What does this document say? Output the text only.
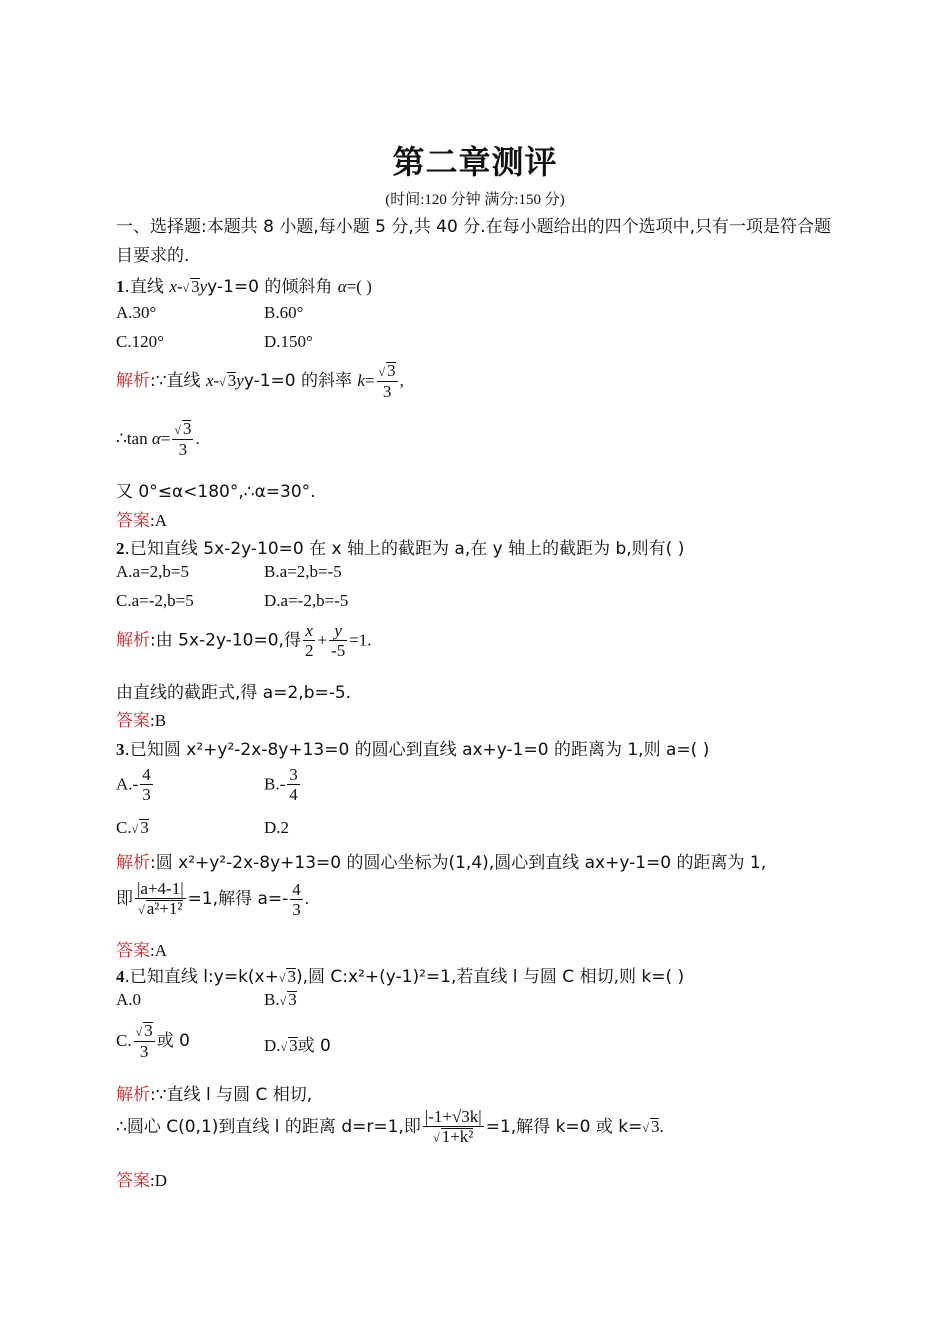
第二章测评
(时间:120 分钟 满分:150 分)
一、选择题:本题共 8 小题,每小题 5 分,共 40 分.在每小题给出的四个选项中,只有一项是符合题目要求的.
1.直线 x-√ 3yy-1=0 的倾斜角 α=( )
A.30°	B.60°
C.120°	D.150°
解析:∵直线 x-√ 3yy-1=0 的斜率 $k= \frac{√ 3}{3}$ ,
∴tan $\alpha= \frac{√ 3}{3}$ .
又 0°≤α<180°,∴α=30°.
答案:A
2.已知直线 5x-2y-10=0 在 x 轴上的截距为 a,在 y 轴上的截距为 b,则有( )
A.a=2,b=5	B.a=2,b=-5
C.a=-2,b=5	D.a=-2,b=-5
解析:由 5x-2y-10=0,得 $\frac{x}{2} + \frac{y}{-5} =1$.
由直线的截距式,得 a=2,b=-5.
答案:B
3.已知圆 x²+y²-2x-8y+13=0 的圆心到直线 ax+y-1=0 的距离为 1,则 a=( )
$A.- \frac{4}{3}$	$B.- \frac{3}{4}$
C.√ 3	D.2
解析:圆 x²+y²-2x-8y+13=0 的圆心坐标为(1,4),圆心到直线 ax+y-1=0 的距离为 1,
即 $\frac{|a+4-1|}{\text{√ a²+1²}} =1$,解得 $a=- \frac{4}{3}$ .
答案:A
4.已知直线 l:y=k(x+√ 3),圆 C:x²+(y-1)²=1,若直线 l 与圆 C 相切,则 k=( )
A.0	B.√ 3
C. $\frac{√ 3}{3}$ 或 0	D.√ 3或 0
解析:∵直线 l 与圆 C 相切,
∴圆心 C(0,1)到直线 l 的距离 d=r=1,即 $\frac{|-1+√3k|}{\text{√ 1+k²}} =1$,解得 k=0 或 k=√ 3.
答案:D
